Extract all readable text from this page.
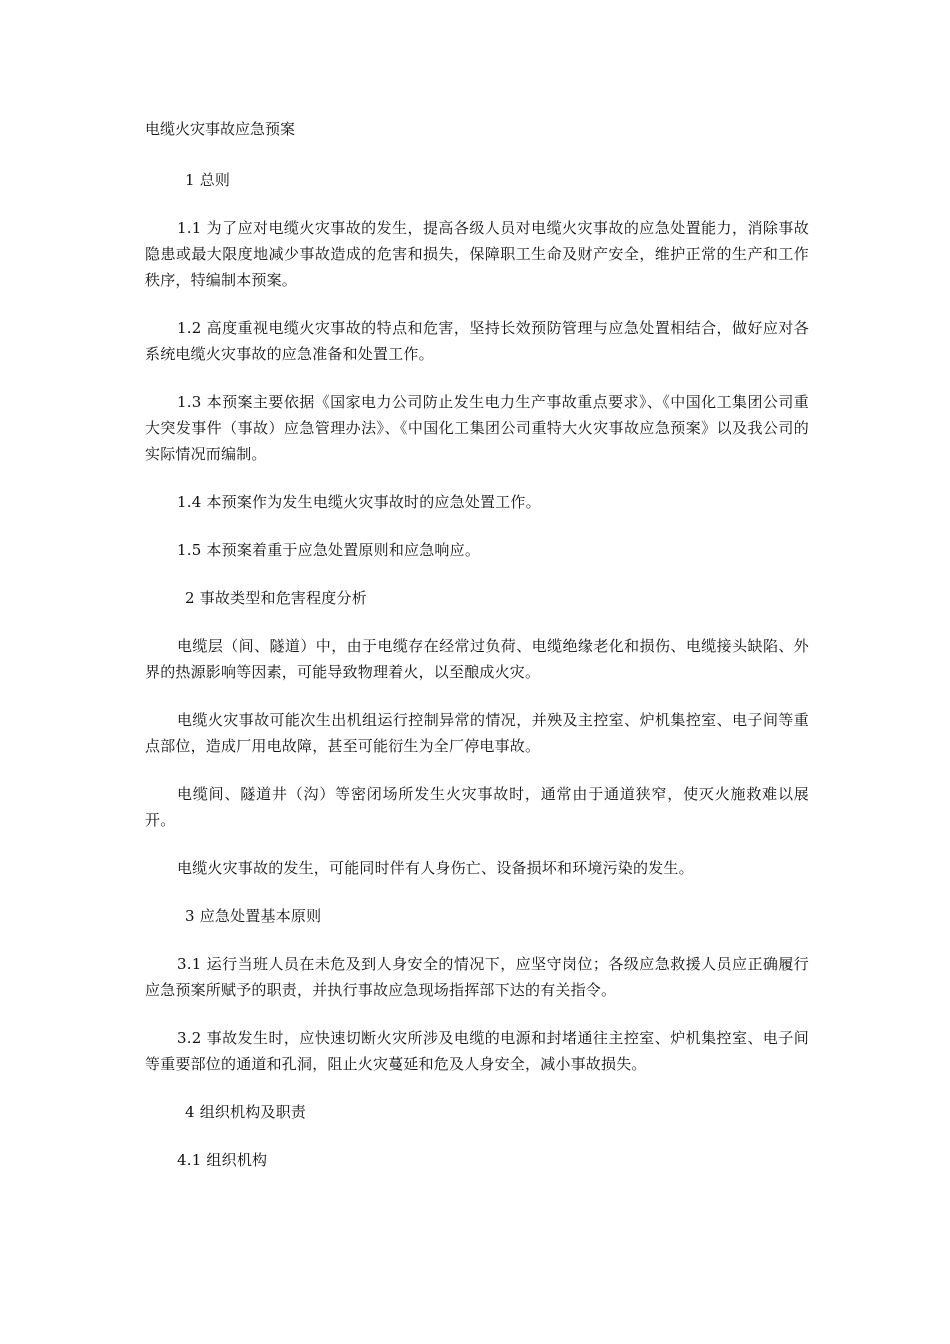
电缆火灾事故应急预案

1 总则

1.1 为了应对电缆火灾事故的发生，提高各级人员对电缆火灾事故的应急处置能力，消除事故隐患或最大限度地减少事故造成的危害和损失，保障职工生命及财产安全，维护正常的生产和工作秩序，特编制本预案。

1.2 高度重视电缆火灾事故的特点和危害，坚持长效预防管理与应急处置相结合，做好应对各系统电缆火灾事故的应急准备和处置工作。

1.3 本预案主要依据《国家电力公司防止发生电力生产事故重点要求》、《中国化工集团公司重大突发事件（事故）应急管理办法》、《中国化工集团公司重特大火灾事故应急预案》以及我公司的实际情况而编制。

1.4 本预案作为发生电缆火灾事故时的应急处置工作。

1.5 本预案着重于应急处置原则和应急响应。

2 事故类型和危害程度分析

电缆层（间、隧道）中，由于电缆存在经常过负荷、电缆绝缘老化和损伤、电缆接头缺陷、外界的热源影响等因素，可能导致物理着火，以至酿成火灾。

电缆火灾事故可能次生出机组运行控制异常的情况，并殃及主控室、炉机集控室、电子间等重点部位，造成厂用电故障，甚至可能衍生为全厂停电事故。

电缆间、隧道井（沟）等密闭场所发生火灾事故时，通常由于通道狭窄，使灭火施救难以展开。

电缆火灾事故的发生，可能同时伴有人身伤亡、设备损坏和环境污染的发生。

3 应急处置基本原则

3.1 运行当班人员在未危及到人身安全的情况下，应坚守岗位；各级应急救援人员应正确履行应急预案所赋予的职责，并执行事故应急现场指挥部下达的有关指令。

3.2 事故发生时，应快速切断火灾所涉及电缆的电源和封堵通往主控室、炉机集控室、电子间等重要部位的通道和孔洞，阻止火灾蔓延和危及人身安全，减小事故损失。

4 组织机构及职责

4.1 组织机构
